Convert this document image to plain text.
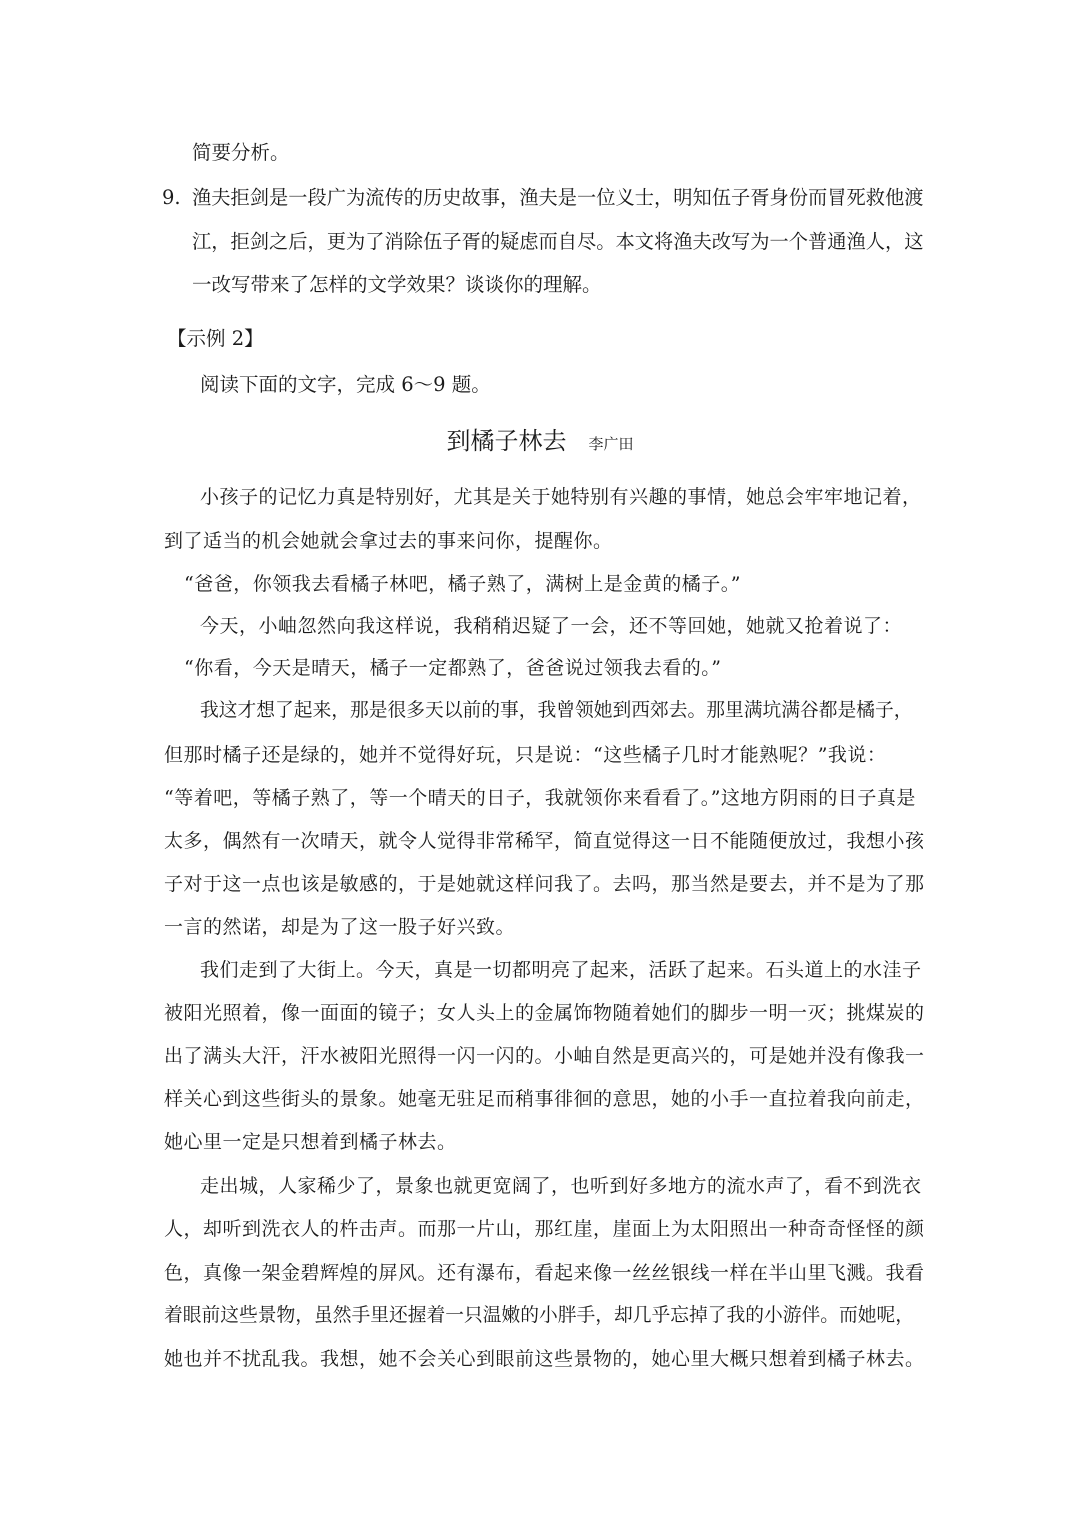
简要分析。
9. 渔夫拒剑是一段广为流传的历史故事，渔夫是一位义士，明知伍子胥身份而冒死救他渡
江，拒剑之后，更为了消除伍子胥的疑虑而自尽。本文将渔夫改写为一个普通渔人，这
一改写带来了怎样的文学效果？谈谈你的理解。
【示例 2】
阅读下面的文字，完成 6～9 题。
到橘子林去 李广田
小孩子的记忆力真是特别好，尤其是关于她特别有兴趣的事情，她总会牢牢地记着，
到了适当的机会她就会拿过去的事来问你，提醒你。
“爸爸，你领我去看橘子林吧，橘子熟了，满树上是金黄的橘子。”
今天，小岫忽然向我这样说，我稍稍迟疑了一会，还不等回她，她就又抢着说了：
“你看，今天是晴天，橘子一定都熟了，爸爸说过领我去看的。”
我这才想了起来，那是很多天以前的事，我曾领她到西郊去。那里满坑满谷都是橘子，
但那时橘子还是绿的，她并不觉得好玩，只是说：“这些橘子几时才能熟呢？”我说：
“等着吧，等橘子熟了，等一个晴天的日子，我就领你来看看了。”这地方阴雨的日子真是
太多，偶然有一次晴天，就令人觉得非常稀罕，简直觉得这一日不能随便放过，我想小孩
子对于这一点也该是敏感的，于是她就这样问我了。去吗，那当然是要去，并不是为了那
一言的然诺，却是为了这一股子好兴致。
我们走到了大街上。今天，真是一切都明亮了起来，活跃了起来。石头道上的水洼子
被阳光照着，像一面面的镜子；女人头上的金属饰物随着她们的脚步一明一灭；挑煤炭的
出了满头大汗，汗水被阳光照得一闪一闪的。小岫自然是更高兴的，可是她并没有像我一
样关心到这些街头的景象。她毫无驻足而稍事徘徊的意思，她的小手一直拉着我向前走，
她心里一定是只想着到橘子林去。
走出城，人家稀少了，景象也就更宽阔了，也听到好多地方的流水声了，看不到洗衣
人，却听到洗衣人的杵击声。而那一片山，那红崖，崖面上为太阳照出一种奇奇怪怪的颜
色，真像一架金碧辉煌的屏风。还有瀑布，看起来像一丝丝银线一样在半山里飞溅。我看
着眼前这些景物，虽然手里还握着一只温嫩的小胖手，却几乎忘掉了我的小游伴。而她呢，
她也并不扰乱我。我想，她不会关心到眼前这些景物的，她心里大概只想着到橘子林去。
